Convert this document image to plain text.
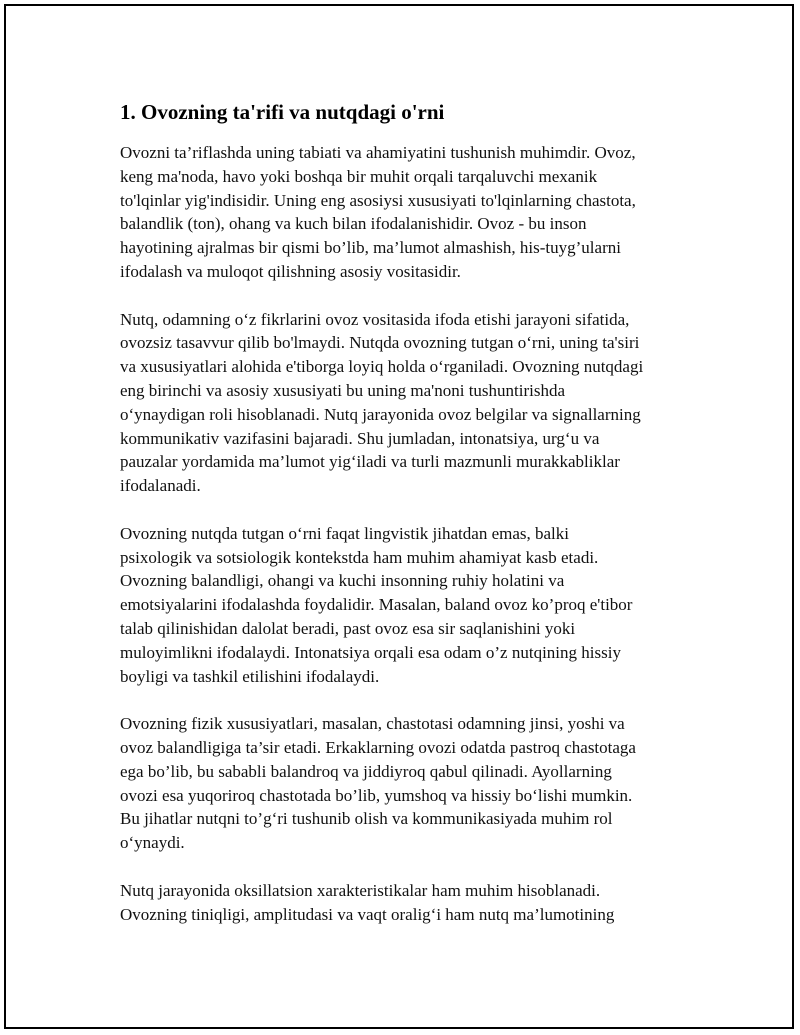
1. Ovozning ta'rifi va nutqdagi o'rni

Ovozni ta’riflashda uning tabiati va ahamiyatini tushunish muhimdir. Ovoz,
keng ma'noda, havo yoki boshqa bir muhit orqali tarqaluvchi mexanik
to'lqinlar yig'indisidir. Uning eng asosiysi xususiyati to'lqinlarning chastota,
balandlik (ton), ohang va kuch bilan ifodalanishidir. Ovoz - bu inson
hayotining ajralmas bir qismi bo’lib, ma’lumot almashish, his-tuyg’ularni
ifodalash va muloqot qilishning asosiy vositasidir.

Nutq, odamning o‘z fikrlarini ovoz vositasida ifoda etishi jarayoni sifatida,
ovozsiz tasavvur qilib bo'lmaydi. Nutqda ovozning tutgan o‘rni, uning ta'siri
va xususiyatlari alohida e'tiborga loyiq holda o‘rganiladi. Ovozning nutqdagi
eng birinchi va asosiy xususiyati bu uning ma'noni tushuntirishda
o‘ynaydigan roli hisoblanadi. Nutq jarayonida ovoz belgilar va signallarning
kommunikativ vazifasini bajaradi. Shu jumladan, intonatsiya, urg‘u va
pauzalar yordamida ma’lumot yig‘iladi va turli mazmunli murakkabliklar
ifodalanadi.

Ovozning nutqda tutgan o‘rni faqat lingvistik jihatdan emas, balki
psixologik va sotsiologik kontekstda ham muhim ahamiyat kasb etadi.
Ovozning balandligi, ohangi va kuchi insonning ruhiy holatini va
emotsiyalarini ifodalashda foydalidir. Masalan, baland ovoz ko’proq e'tibor
talab qilinishidan dalolat beradi, past ovoz esa sir saqlanishini yoki
muloyimlikni ifodalaydi. Intonatsiya orqali esa odam o’z nutqining hissiy
boyligi va tashkil etilishini ifodalaydi.

Ovozning fizik xususiyatlari, masalan, chastotasi odamning jinsi, yoshi va
ovoz balandligiga ta’sir etadi. Erkaklarning ovozi odatda pastroq chastotaga
ega bo’lib, bu sababli balandroq va jiddiyroq qabul qilinadi. Ayollarning
ovozi esa yuqoriroq chastotada bo’lib, yumshoq va hissiy bo‘lishi mumkin.
Bu jihatlar nutqni to’g‘ri tushunib olish va kommunikasiyada muhim rol
o‘ynaydi.

Nutq jarayonida oksillatsion xarakteristikalar ham muhim hisoblanadi.
Ovozning tiniqligi, amplitudasi va vaqt oralig‘i ham nutq ma’lumotining
